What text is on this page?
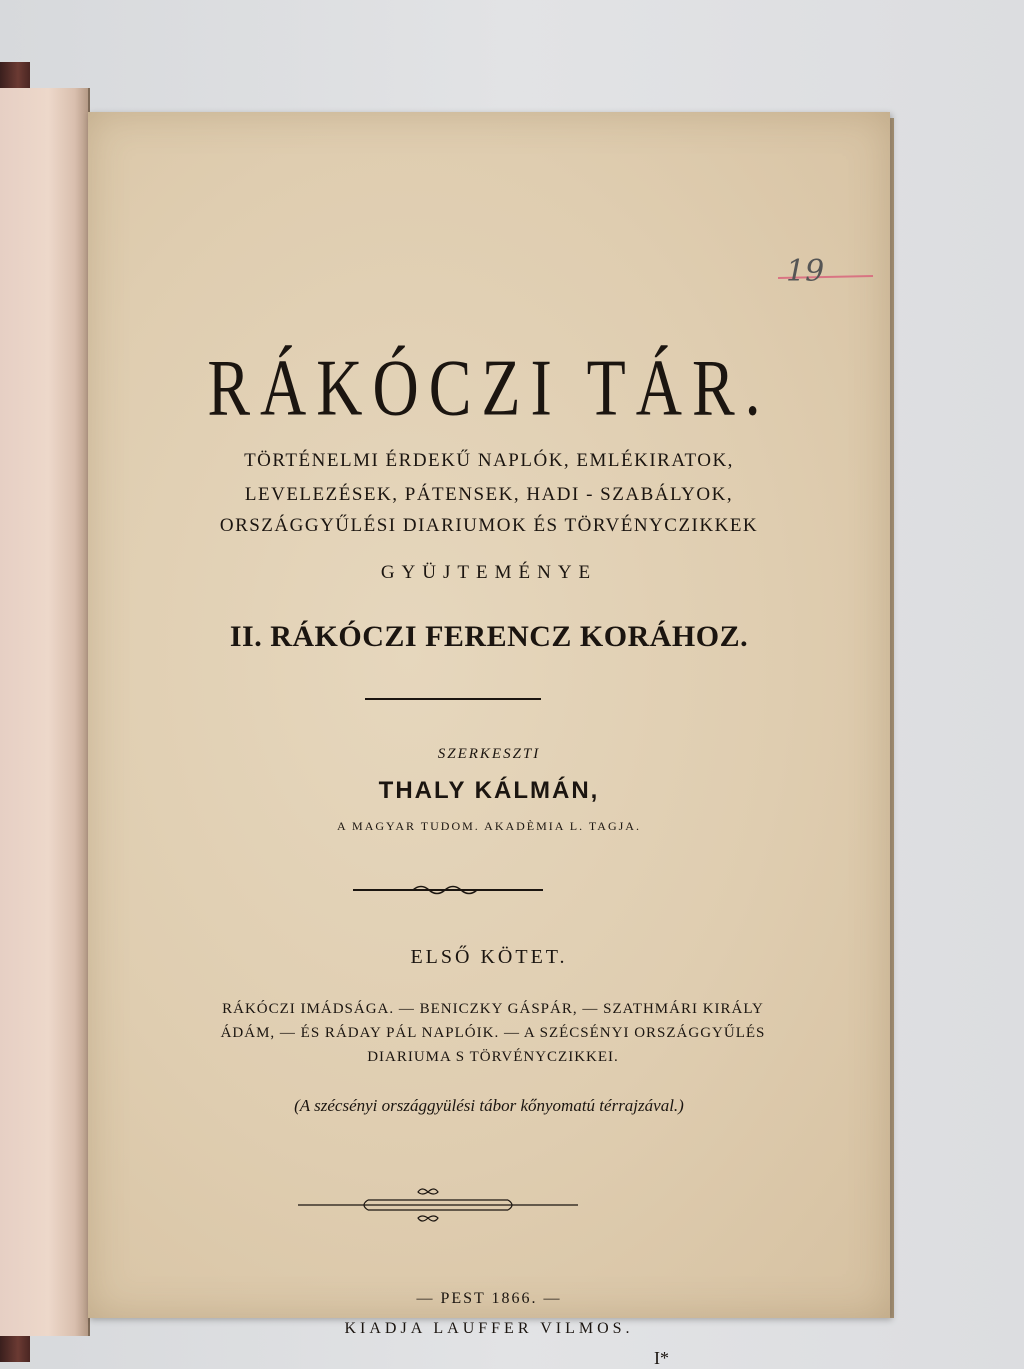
19
RÁKÓCZI TÁR.
TÖRTÉNELMI ÉRDEKŰ NAPLÓK, EMLÉKIRATOK,
LEVELEZÉSEK, PÁTENSEK, HADI - SZABÁLYOK,
ORSZÁGGYŰLÉSI DIARIUMOK ÉS TÖRVÉNYCZIKKEK
GYÜJTEMÉNYE
II. RÁKÓCZI FERENCZ KORÁHOZ.
SZERKESZTI
THALY KÁLMÁN,
A MAGYAR TUDOM. AKADÈMIA L. TAGJA.
ELSŐ KÖTET.
RÁKÓCZI IMÁDSÁGA. — BENICZKY GÁSPÁR, — SZATHMÁRI KIRÁLY
ÁDÁM, — ÉS RÁDAY PÁL NAPLÓIK. — A SZÉCSÉNYI ORSZÁGGYŰLÉS
DIARIUMA S TÖRVÉNYCZIKKEI.
(A szécsényi országgyülési tábor kőnyomatú térrajzával.)
— PEST 1866. —
KIADJA LAUFFER VILMOS.
I*
